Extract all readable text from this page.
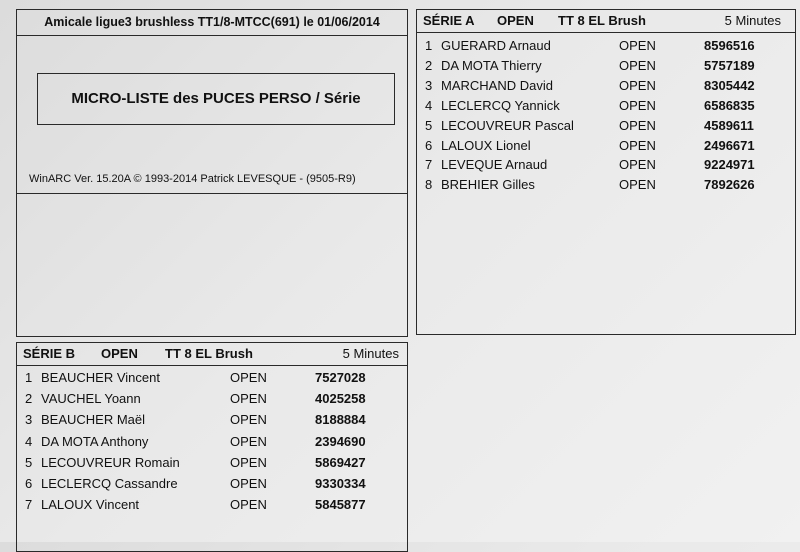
Amicale ligue3 brushless TT1/8-MTCC(691) le 01/06/2014
MICRO-LISTE des PUCES PERSO / Série
WinARC Ver. 15.20A © 1993-2014 Patrick LEVESQUE - (9505-R9)
SÉRIE A OPEN TT 8 EL Brush	5 Minutes
1 GUERARD Arnaud	OPEN	8596516
2 DA MOTA Thierry	OPEN	5757189
3 MARCHAND David	OPEN	8305442
4 LECLERCQ Yannick	OPEN	6586835
5 LECOUVREUR Pascal	OPEN	4589611
6 LALOUX Lionel	OPEN	2496671
7 LEVEQUE Arnaud	OPEN	9224971
8 BREHIER Gilles	OPEN	7892626
SÉRIE B OPEN TT 8 EL Brush	5 Minutes
1 BEAUCHER Vincent	OPEN	7527028
2 VAUCHEL Yoann	OPEN	4025258
3 BEAUCHER Maël	OPEN	8188884
4 DA MOTA Anthony	OPEN	2394690
5 LECOUVREUR Romain	OPEN	5869427
6 LECLERCQ Cassandre	OPEN	9330334
7 LALOUX Vincent	OPEN	5845877
